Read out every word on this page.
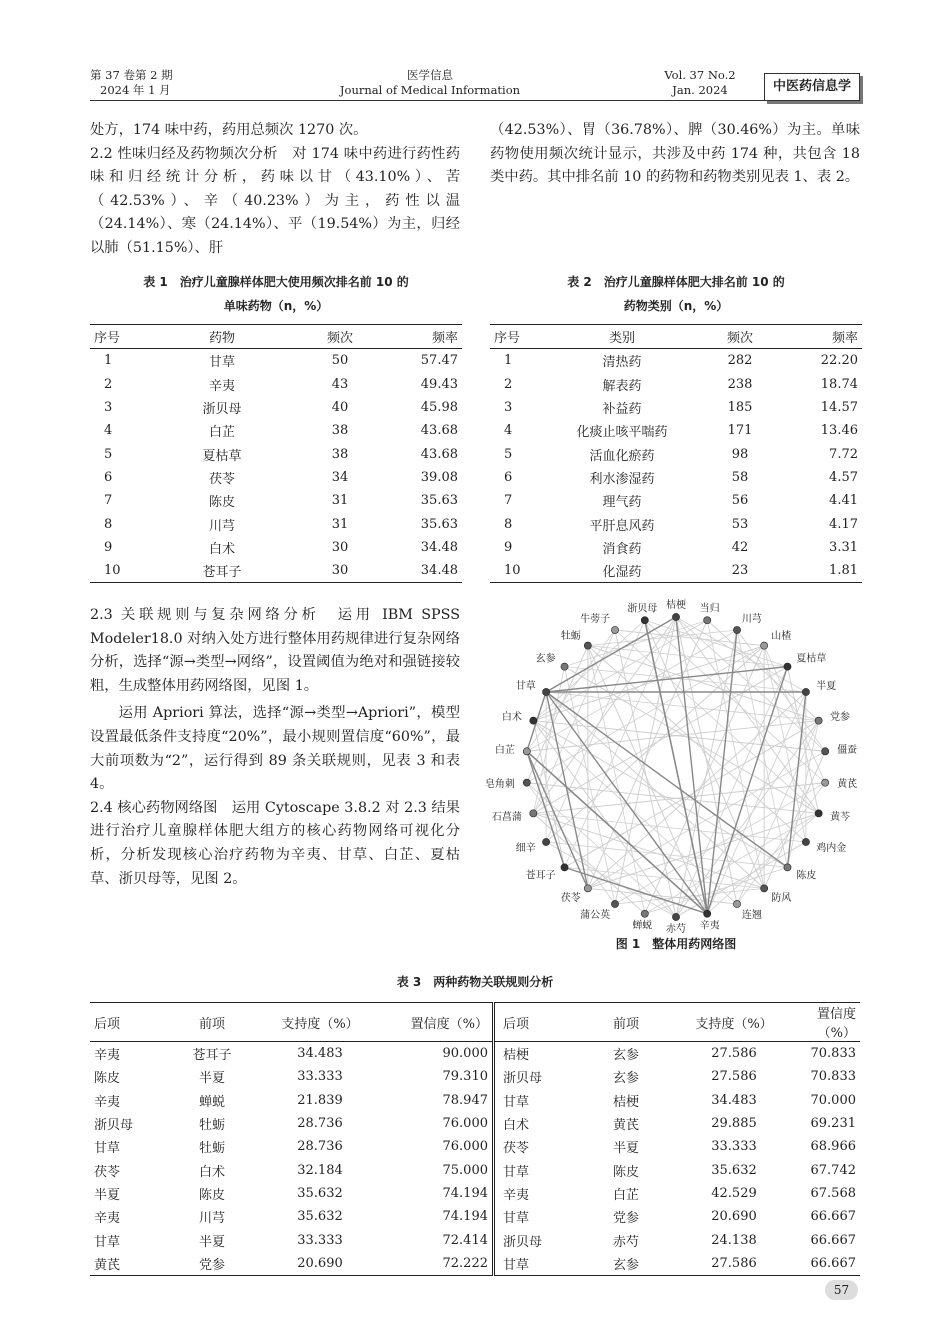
第 37 卷第 2 期
2024 年 1 月
医学信息
Journal of Medical Information
Vol. 37 No.2
Jan. 2024	中医药信息学

处方，174 味中药，药用总频次 1270 次。

2.2 性味归经及药物频次分析　对 174 味中药进行药性药味和归经统计分析，药味以甘（43.10%）、苦（42.53%）、辛（40.23%）为主，药性以温（24.14%）、寒（24.14%）、平（19.54%）为主，归经以肺（51.15%）、肝

（42.53%）、胃（36.78%）、脾（30.46%）为主。单味药物使用频次统计显示，共涉及中药 174 种，共包含 18类中药。其中排名前 10 的药物和药物类别见表 1、表 2。

表 1　治疗儿童腺样体肥大使用频次排名前 10 的
单味药物（n，%）
序号	药物	频次	频率
1	甘草	50	57.47
2	辛夷	43	49.43
3	浙贝母	40	45.98
4	白芷	38	43.68
5	夏枯草	38	43.68
6	茯苓	34	39.08
7	陈皮	31	35.63
8	川芎	31	35.63
9	白术	30	34.48
10	苍耳子	30	34.48
表 2　治疗儿童腺样体肥大排名前 10 的
药物类别（n，%）
序号	类别	频次	频率
1	清热药	282	22.20
2	解表药	238	18.74
3	补益药	185	14.57
4	化痰止咳平喘药	171	13.46
5	活血化瘀药	98	7.72
6	利水渗湿药	58	4.57
7	理气药	56	4.41
8	平肝息风药	53	4.17
9	消食药	42	3.31
10	化湿药	23	1.81

2.3 关联规则与复杂网络分析　运用 IBM SPSS Modeler18.0 对纳入处方进行整体用药规律进行复杂网络分析，选择“源→类型→网络”，设置阈值为绝对和强链接较粗，生成整体用药网络图，见图 1。

运用 Apriori 算法，选择“源→类型→Apriori”，模型设置最低条件支持度“20%”，最小规则置信度“60%”，最大前项数为“2”，运行得到 89 条关联规则，见表 3 和表 4。

2.4 核心药物网络图　运用 Cytoscape 3.8.2 对 2.3 结果进行治疗儿童腺样体肥大组方的核心药物网络可视化分析，分析发现核心治疗药物为辛夷、甘草、白芷、夏枯草、浙贝母等，见图 2。

桔梗 当归
川芎
山楂
夏枯草
半夏
党参
僵蚕
黄芪
黄芩
鸡内金
陈皮
防风
连翘
辛夷
赤芍
蝉蜕
蒲公英
茯苓
苍耳子
细辛
石菖蒲
皂角刺
白芷
白术
甘草
玄参
牡蛎
牛蒡子
浙贝母
图 1　整体用药网络图
表 3　两种药物关联规则分析
后项	前项	支持度（%）	置信度（%）	后项	前项	支持度（%）	置信度（%）
辛夷	苍耳子	34.483	90.000	桔梗	玄参	27.586	70.833
陈皮	半夏	33.333	79.310	浙贝母	玄参	27.586	70.833
辛夷	蝉蜕	21.839	78.947	甘草	桔梗	34.483	70.000
浙贝母	牡蛎	28.736	76.000	白术	黄芪	29.885	69.231
甘草	牡蛎	28.736	76.000	茯苓	半夏	33.333	68.966
茯苓	白术	32.184	75.000	甘草	陈皮	35.632	67.742
半夏	陈皮	35.632	74.194	辛夷	白芷	42.529	67.568
辛夷	川芎	35.632	74.194	甘草	党参	20.690	66.667
甘草	半夏	33.333	72.414	浙贝母	赤芍	24.138	66.667
黄芪	党参	20.690	72.222	甘草	玄参	27.586	66.667
57
